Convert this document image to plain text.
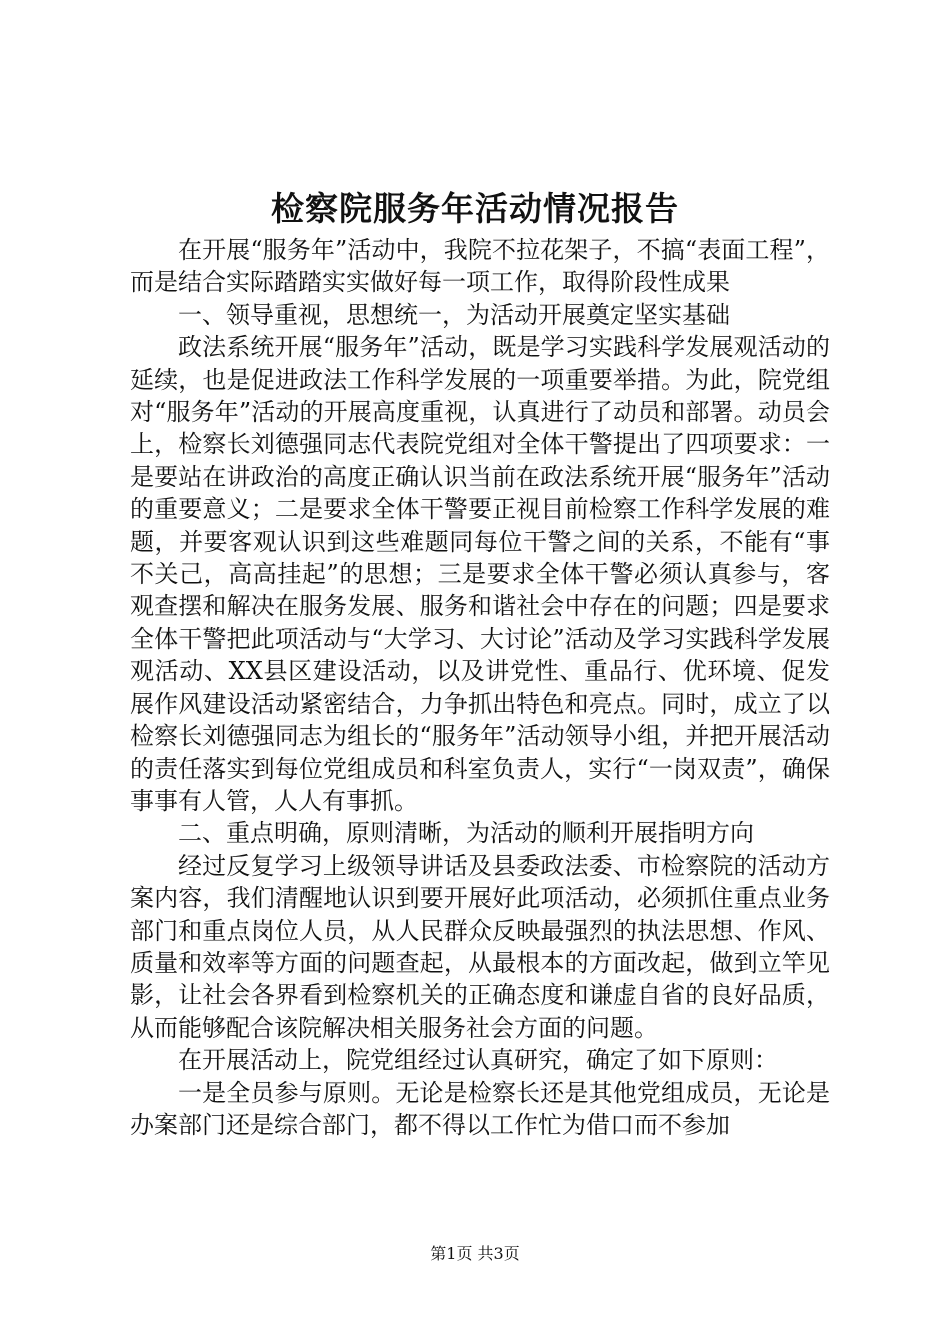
检察院服务年活动情况报告

在开展“服务年”活动中，我院不拉花架子，不搞“表面工程”，而是结合实际踏踏实实做好每一项工作，取得阶段性成果

一、领导重视，思想统一，为活动开展奠定坚实基础

政法系统开展“服务年”活动，既是学习实践科学发展观活动的延续，也是促进政法工作科学发展的一项重要举措。为此，院党组对“服务年”活动的开展高度重视，认真进行了动员和部署。动员会上，检察长刘德强同志代表院党组对全体干警提出了四项要求：一是要站在讲政治的高度正确认识当前在政法系统开展“服务年”活动的重要意义；二是要求全体干警要正视目前检察工作科学发展的难题，并要客观认识到这些难题同每位干警之间的关系，不能有“事不关己，高高挂起”的思想；三是要求全体干警必须认真参与，客观查摆和解决在服务发展、服务和谐社会中存在的问题；四是要求全体干警把此项活动与“大学习、大讨论”活动及学习实践科学发展观活动、XX县区建设活动，以及讲党性、重品行、优环境、促发展作风建设活动紧密结合，力争抓出特色和亮点。同时，成立了以检察长刘德强同志为组长的“服务年”活动领导小组，并把开展活动的责任落实到每位党组成员和科室负责人，实行“一岗双责”，确保事事有人管，人人有事抓。

二、重点明确，原则清晰，为活动的顺利开展指明方向

经过反复学习上级领导讲话及县委政法委、市检察院的活动方案内容，我们清醒地认识到要开展好此项活动，必须抓住重点业务部门和重点岗位人员，从人民群众反映最强烈的执法思想、作风、质量和效率等方面的问题查起，从最根本的方面改起，做到立竿见影，让社会各界看到检察机关的正确态度和谦虚自省的良好品质，从而能够配合该院解决相关服务社会方面的问题。

在开展活动上，院党组经过认真研究，确定了如下原则：

一是全员参与原则。无论是检察长还是其他党组成员，无论是办案部门还是综合部门，都不得以工作忙为借口而不参加

第1页 共3页
